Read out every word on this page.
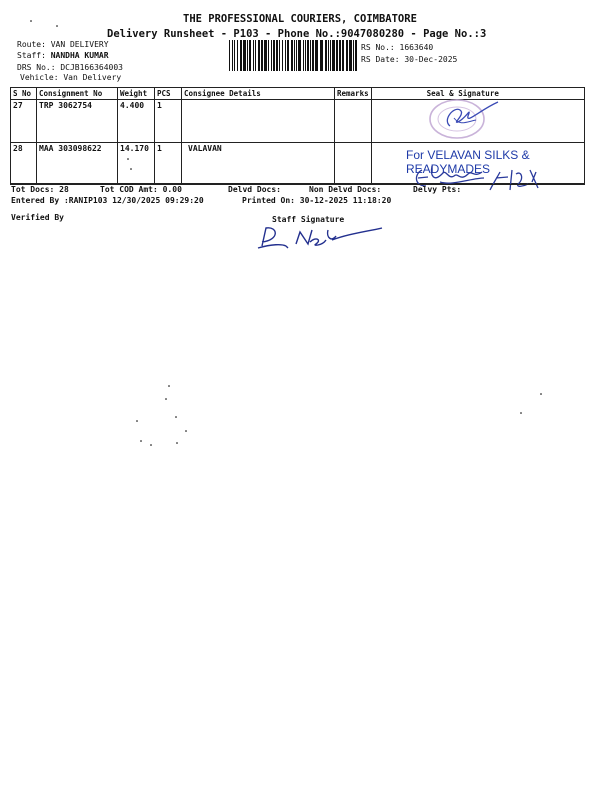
THE PROFESSIONAL COURIERS, COIMBATORE
Delivery Runsheet - P103 - Phone No.:9047080280 - Page No.:3
Route: VAN DELIVERY
Staff: NANDHA KUMAR
DRS No.: DCJB166364003
Vehicle: Van Delivery
RS No.: 1663640
RS Date: 30-Dec-2025
S No	Consignment No	Weight	PCS	Consignee Details	Remarks	Seal & Signature
27	TRP 3062754	4.400	1			
28	MAA 303098622	14.170	1	VALAVAN			For VELAVAN SILKS & READYMADES
Tot Docs: 28	Tot COD Amt: 0.00	Delvd Docs:	Non Delvd Docs:	Delvy Pts:
Entered By :RANIP103 12/30/2025 09:29:20	Printed On: 30-12-2025 11:18:20
Verified By	Staff Signature
